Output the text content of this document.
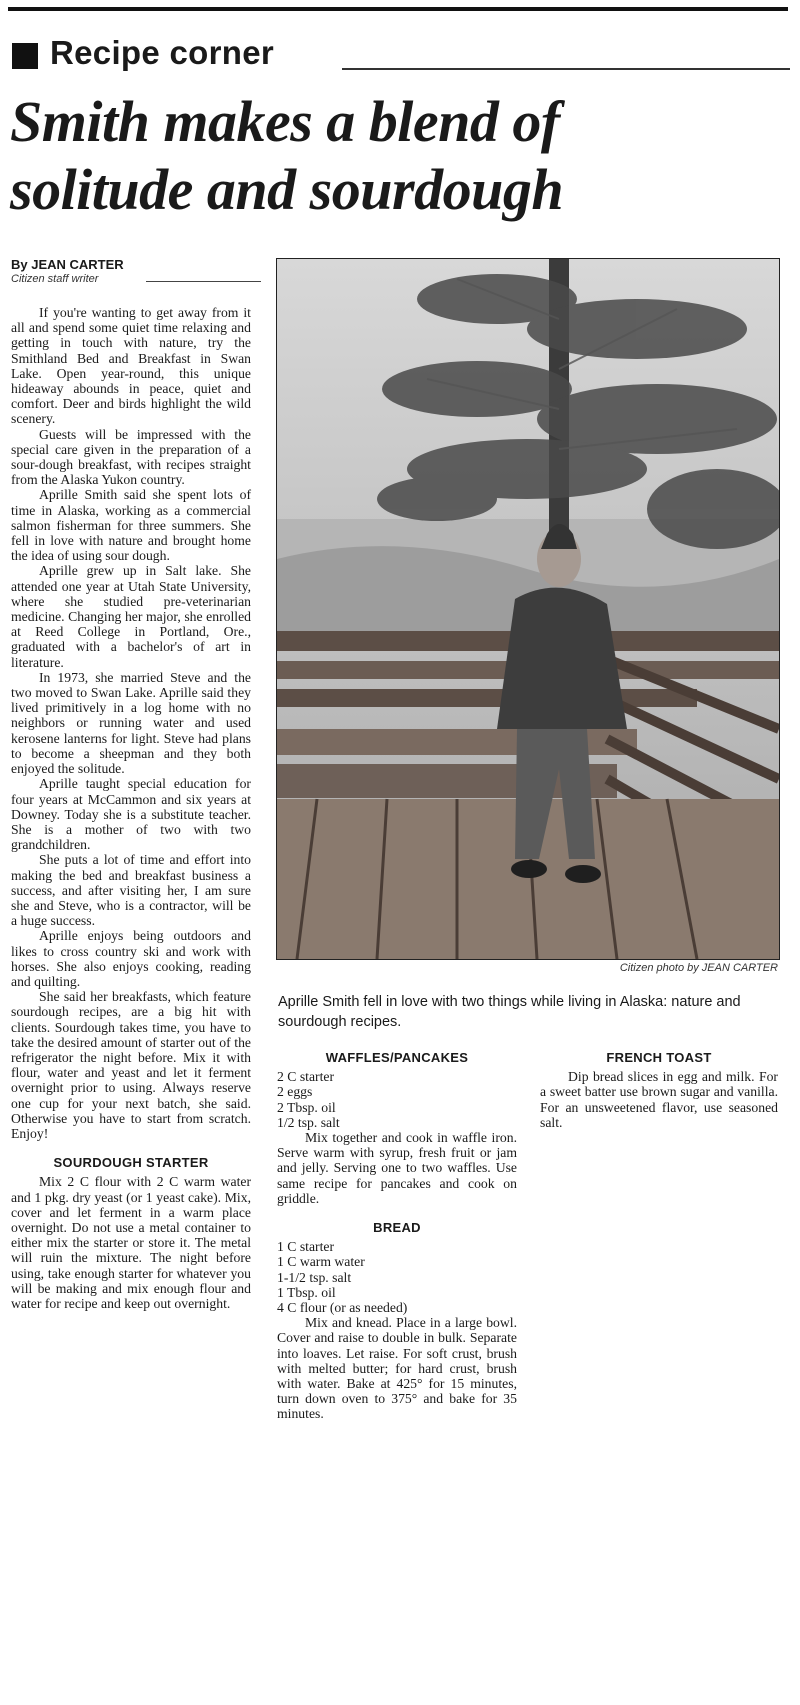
Recipe corner
Smith makes a blend of
solitude and sourdough
By JEAN CARTER
Citizen staff writer

If you're wanting to get away from it all and spend some quiet time relaxing and getting in touch with nature, try the Smithland Bed and Breakfast in Swan Lake. Open year-round, this unique hideaway abounds in peace, quiet and comfort. Deer and birds highlight the wild scenery.

Guests will be impressed with the special care given in the preparation of a sour-dough breakfast, with recipes straight from the Alaska Yukon country.

Aprille Smith said she spent lots of time in Alaska, working as a commercial salmon fisherman for three summers. She fell in love with nature and brought home the idea of using sour dough.

Aprille grew up in Salt lake. She attended one year at Utah State University, where she studied pre-veterinarian medicine. Changing her major, she enrolled at Reed College in Portland, Ore., graduated with a bachelor's of art in literature.

In 1973, she married Steve and the two moved to Swan Lake. Aprille said they lived primitively in a log home with no neighbors or running water and used kerosene lanterns for light. Steve had plans to become a sheepman and they both enjoyed the solitude.

Aprille taught special education for four years at McCammon and six years at Downey. Today she is a substitute teacher. She is a mother of two with two grandchildren.

She puts a lot of time and effort into making the bed and breakfast business a success, and after visiting her, I am sure she and Steve, who is a contractor, will be a huge success.

Aprille enjoys being outdoors and likes to cross country ski and work with horses. She also enjoys cooking, reading and quilting.

She said her breakfasts, which feature sourdough recipes, are a big hit with clients. Sourdough takes time, you have to take the desired amount of starter out of the refrigerator the night before. Mix it with flour, water and yeast and let it ferment overnight prior to using. Always reserve one cup for your next batch, she said. Otherwise you have to start from scratch. Enjoy!

SOURDOUGH STARTER

Mix 2 C flour with 2 C warm water and 1 pkg. dry yeast (or 1 yeast cake). Mix, cover and let ferment in a warm place overnight. Do not use a metal container to either mix the starter or store it. The metal will ruin the mixture. The night before using, take enough starter for whatever you will be making and mix enough flour and water for recipe and keep out overnight.

Citizen photo by JEAN CARTER
Aprille Smith fell in love with two things while living in Alaska: nature and sourdough recipes.
WAFFLES/PANCAKES
2 C starter
2 eggs
2 Tbsp. oil
1/2 tsp. salt

Mix together and cook in waffle iron. Serve warm with syrup, fresh fruit or jam and jelly. Serving one to two waffles. Use same recipe for pancakes and cook on griddle.

BREAD
1 C starter
1 C warm water
1-1/2 tsp. salt
1 Tbsp. oil
4 C flour (or as needed)

Mix and knead. Place in a large bowl. Cover and raise to double in bulk. Separate into loaves. Let raise. For soft crust, brush with melted butter; for hard crust, brush with water. Bake at 425° for 15 minutes, turn down oven to 375° and bake for 35 minutes.

FRENCH TOAST

Dip bread slices in egg and milk. For a sweet batter use brown sugar and vanilla. For an unsweetened flavor, use seasoned salt.
